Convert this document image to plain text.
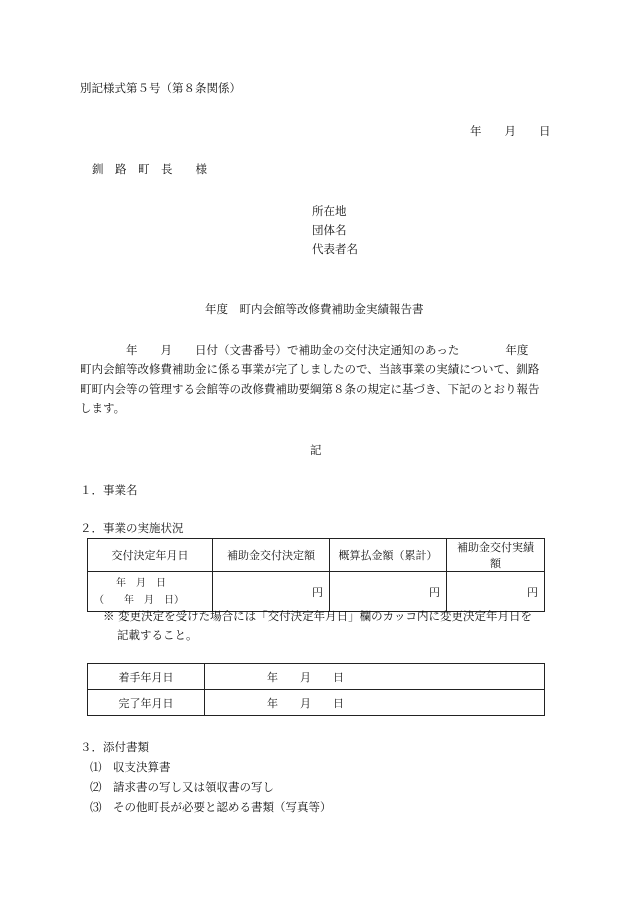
別記様式第５号（第８条関係）
年　　月　　日
釧　路　町　長　　様
所在地
団体名
代表者名
年度　町内会館等改修費補助金実績報告書
　　　　年　　月　　日付（文書番号）で補助金の交付決定通知のあった　　　　年度
町内会館等改修費補助金に係る事業が完了しましたので、当該事業の実績について、釧路
町町内会等の管理する会館等の改修費補助要綱第８条の規定に基づき、下記のとおり報告
します。
記
１．事業名
２．事業の実施状況
交付決定年月日	補助金交付決定額	概算払金額（累計）	補助金交付実績額

年　月　日
（　　年　月　日）	円	円	円
※ 変更決定を受けた場合には「交付決定年月日」欄のカッコ内に変更決定年月日を
記載すること。
着手年月日	年　　月　　日
完了年月日	年　　月　　日
３．添付書類
⑴　収支決算書
⑵　請求書の写し又は領収書の写し
⑶　その他町長が必要と認める書類（写真等）
